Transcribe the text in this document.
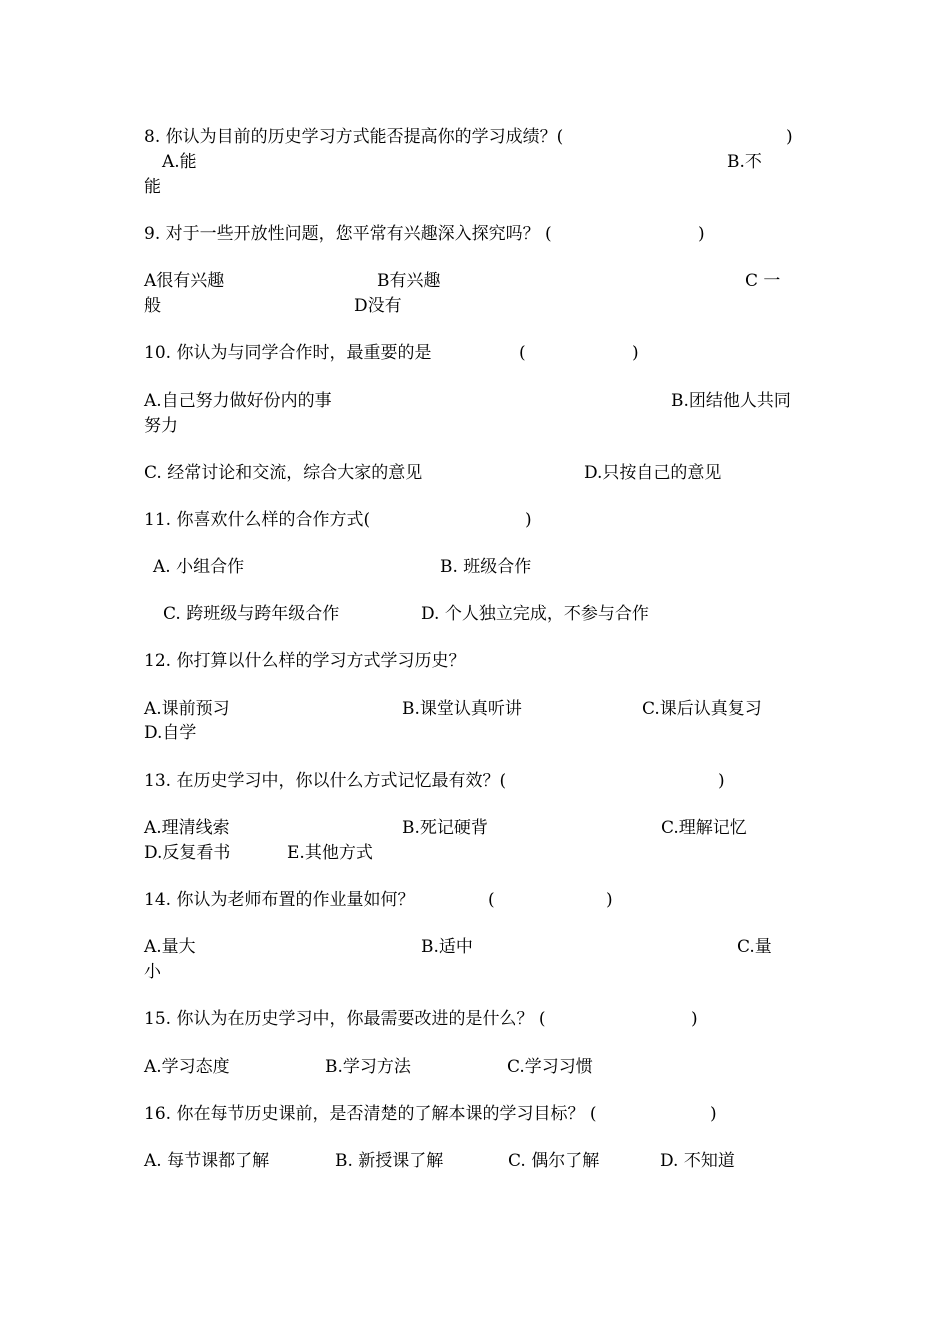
8. 你认为目前的历史学习方式能否提高你的学习成绩？(	)
A.能	B.不
能
9. 对于一些开放性问题，您平常有兴趣深入探究吗？ (	)
A很有兴趣	B有兴趣	C 一
般	D没有
10. 你认为与同学合作时，最重要的是	(	)
A.自己努力做好份内的事	B.团结他人共同
努力
C. 经常讨论和交流，综合大家的意见	D.只按自己的意见
11. 你喜欢什么样的合作方式(	)
A. 小组合作	B. 班级合作
C. 跨班级与跨年级合作	D. 个人独立完成，不参与合作
12. 你打算以什么样的学习方式学习历史？
A.课前预习	B.课堂认真听讲	C.课后认真复习
D.自学
13. 在历史学习中，你以什么方式记忆最有效？(	)
A.理清线索	B.死记硬背	C.理解记忆
D.反复看书	E.其他方式
14. 你认为老师布置的作业量如何？	(	)
A.量大	B.适中	C.量
小
15. 你认为在历史学习中，你最需要改进的是什么？ (	)
A.学习态度	B.学习方法	C.学习习惯
16. 你在每节历史课前，是否清楚的了解本课的学习目标？ (	)
A. 每节课都了解	B. 新授课了解	C. 偶尔了解	D. 不知道
